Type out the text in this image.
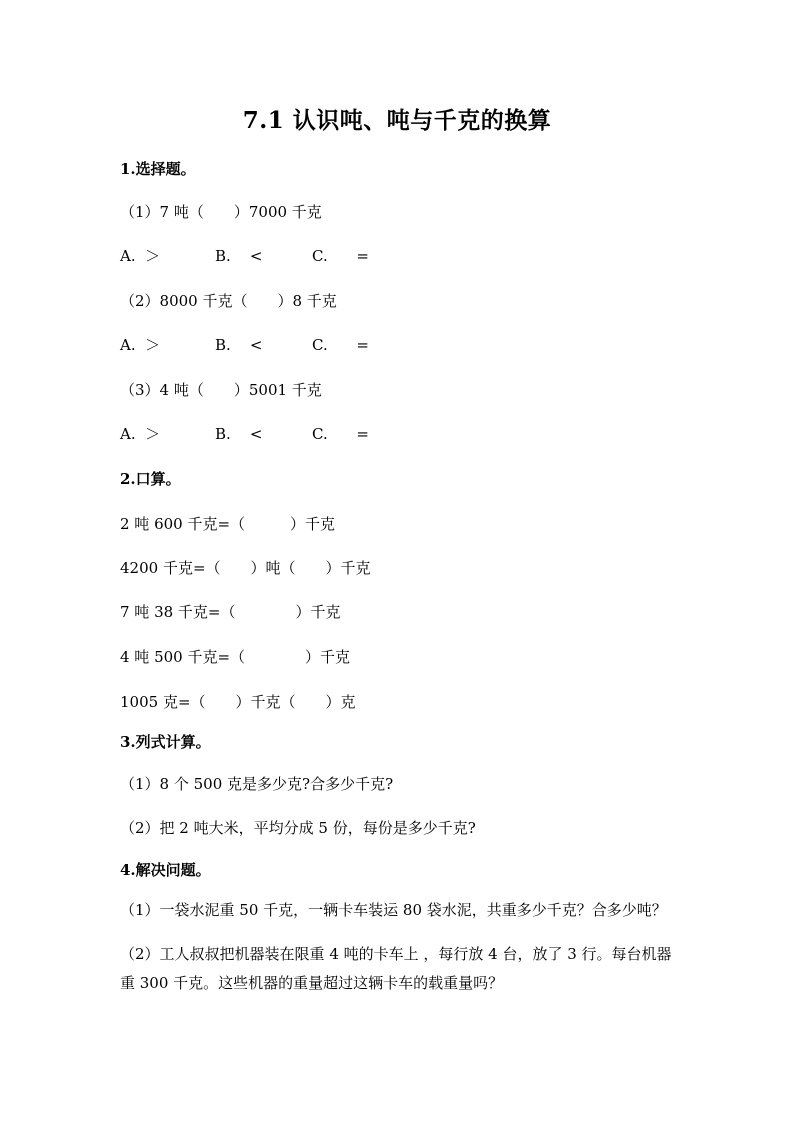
7.1 认识吨、吨与千克的换算
1.选择题。
（1）7 吨（　　）7000 千克
A. ＞	B. <	C. =
（2）8000 千克（　　）8 千克
A. ＞	B. <	C. =
（3）4 吨（　　）5001 千克
A. ＞	B. <	C. =
2.口算。
2 吨 600 千克=（　　　）千克
4200 千克=（　　）吨（　　）千克
7 吨 38 千克=（　　　　）千克
4 吨 500 千克=（　　　　）千克
1005 克=（　　）千克（　　）克
3.列式计算。
（1）8 个 500 克是多少克?合多少千克?
（2）把 2 吨大米，平均分成 5 份，每份是多少千克?
4.解决问题。
（1）一袋水泥重 50 千克，一辆卡车装运 80 袋水泥，共重多少千克？合多少吨？
（2）工人叔叔把机器装在限重 4 吨的卡车上 ，每行放 4 台，放了 3 行。每台机器重 300 千克。这些机器的重量超过这辆卡车的载重量吗？
